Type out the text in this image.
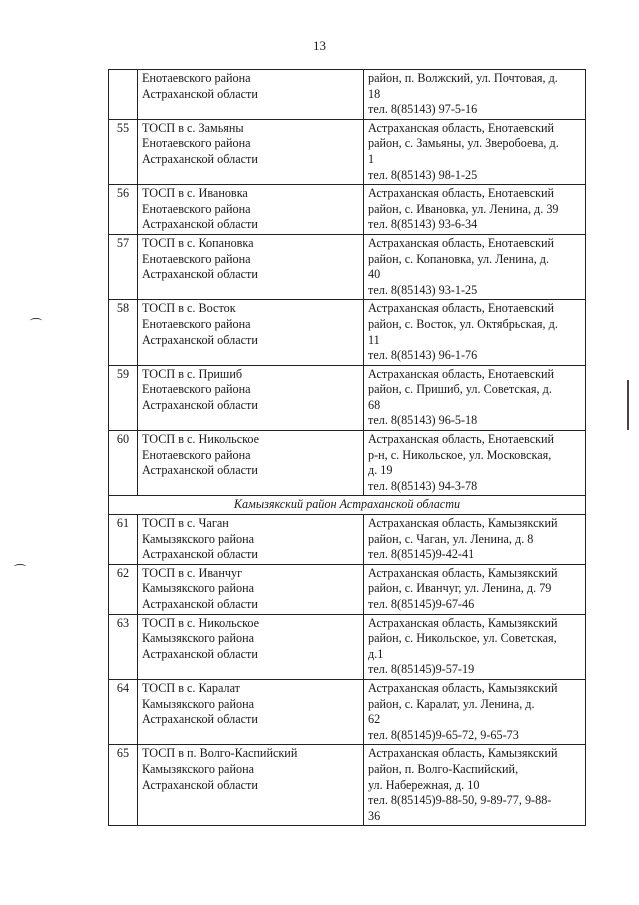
13

	Енотаевского района
Астраханской области	район, п. Волжский, ул. Почтовая, д.
18
тел. 8(85143) 97-5-16

55	ТОСП в с. Замьяны
Енотаевского района
Астраханской области	Астраханская область, Енотаевский
район, с. Замьяны, ул. Зверобоева, д.
1
тел. 8(85143) 98-1-25

56	ТОСП в с. Ивановка
Енотаевского района
Астраханской области	Астраханская область, Енотаевский
район, с. Ивановка, ул. Ленина, д. 39
тел. 8(85143) 93-6-34

57	ТОСП в с. Копановка
Енотаевского района
Астраханской области	Астраханская область, Енотаевский
район, с. Копановка, ул. Ленина, д.
40
тел. 8(85143) 93-1-25

58	ТОСП в с. Восток
Енотаевского района
Астраханской области	Астраханская область, Енотаевский
район, с. Восток, ул. Октябрьская, д.
11
тел. 8(85143) 96-1-76

59	ТОСП в с. Пришиб
Енотаевского района
Астраханской области	Астраханская область, Енотаевский
район, с. Пришиб, ул. Советская, д.
68
тел. 8(85143) 96-5-18

60	ТОСП в с. Никольское
Енотаевского района
Астраханской области	Астраханская область, Енотаевский
р-н, с. Никольское, ул. Московская,
д. 19
тел. 8(85143) 94-3-78

Камызякский район Астраханской области		
61	ТОСП в с. Чаган
Камызякского района
Астраханской области	Астраханская область, Камызякский
район, с. Чаган, ул. Ленина, д. 8
тел. 8(85145)9-42-41

62	ТОСП в с. Иванчуг
Камызякского района
Астраханской области	Астраханская область, Камызякский
район, с. Иванчуг, ул. Ленина, д. 79
тел. 8(85145)9-67-46

63	ТОСП в с. Никольское
Камызякского района
Астраханской области	Астраханская область, Камызякский
район, с. Никольское, ул. Советская,
д.1
тел. 8(85145)9-57-19

64	ТОСП в с. Каралат
Камызякского района
Астраханской области	Астраханская область, Камызякский
район, с. Каралат, ул. Ленина, д.
62
тел. 8(85145)9-65-72, 9-65-73

65	ТОСП в п. Волго-Каспийский
Камызякского района
Астраханской области	Астраханская область, Камызякский
район, п. Волго-Каспийский,
ул. Набережная, д. 10
тел. 8(85145)9-88-50, 9-89-77, 9-88-
36
